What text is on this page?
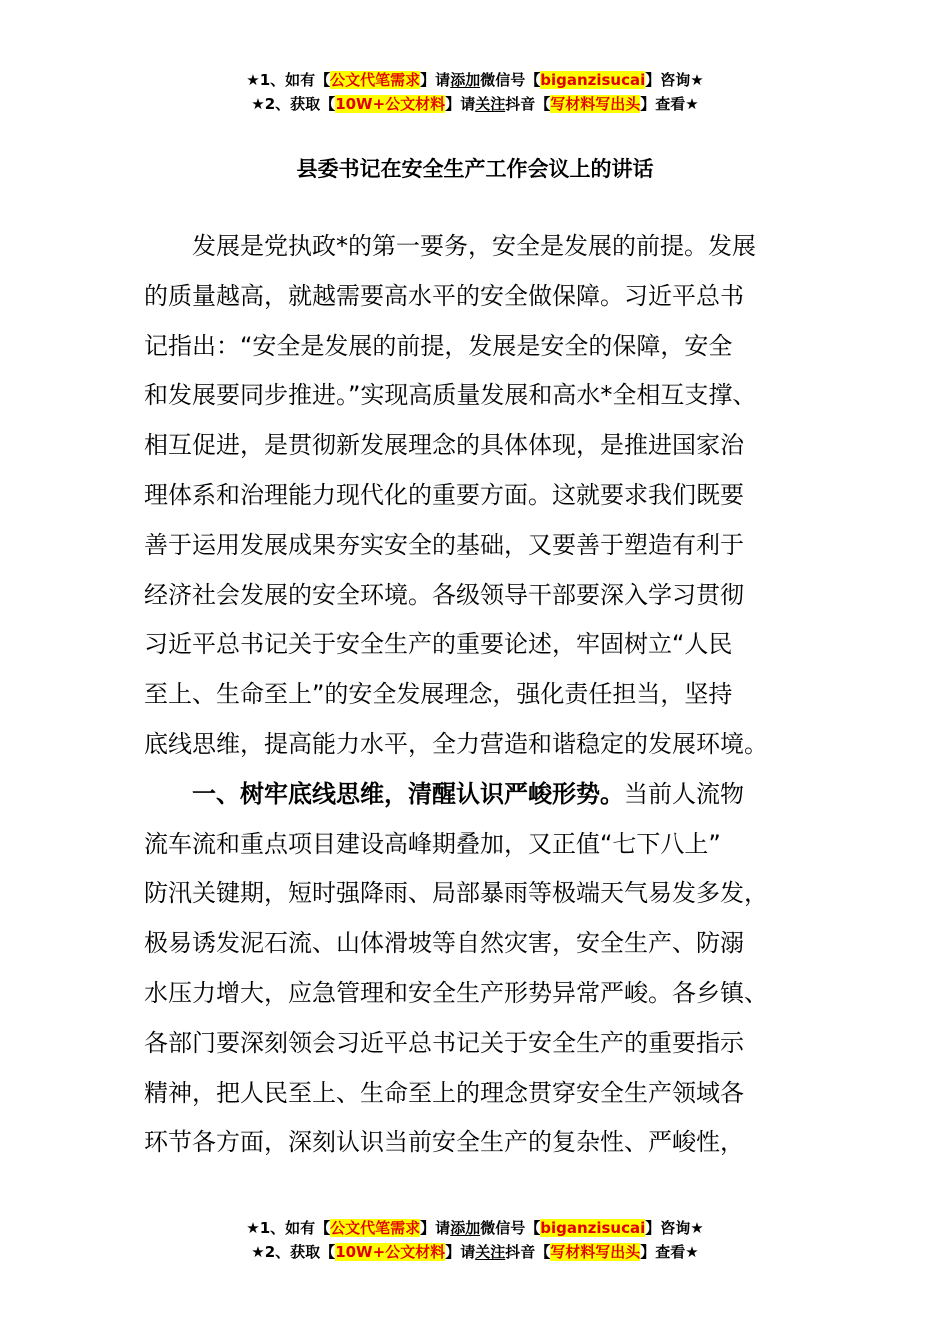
★1、如有【公文代笔需求】请添加微信号【biganzisucai】咨询★
★2、获取【10W+公文材料】请关注抖音【写材料写出头】查看★
县委书记在安全生产工作会议上的讲话
发展是党执政*的第一要务，安全是发展的前提。发展
的质量越高，就越需要高水平的安全做保障。习近平总书
记指出：“安全是发展的前提，发展是安全的保障，安全
和发展要同步推进。”实现高质量发展和高水*全相互支撑、
相互促进，是贯彻新发展理念的具体体现，是推进国家治
理体系和治理能力现代化的重要方面。这就要求我们既要
善于运用发展成果夯实安全的基础，又要善于塑造有利于
经济社会发展的安全环境。各级领导干部要深入学习贯彻
习近平总书记关于安全生产的重要论述，牢固树立“人民
至上、生命至上”的安全发展理念，强化责任担当，坚持
底线思维，提高能力水平，全力营造和谐稳定的发展环境。
一、树牢底线思维，清醒认识严峻形势。当前人流物
流车流和重点项目建设高峰期叠加，又正值“七下八上”
防汛关键期，短时强降雨、局部暴雨等极端天气易发多发，
极易诱发泥石流、山体滑坡等自然灾害，安全生产、防溺
水压力增大，应急管理和安全生产形势异常严峻。各乡镇、
各部门要深刻领会习近平总书记关于安全生产的重要指示
精神，把人民至上、生命至上的理念贯穿安全生产领域各
环节各方面，深刻认识当前安全生产的复杂性、严峻性，
★1、如有【公文代笔需求】请添加微信号【biganzisucai】咨询★
★2、获取【10W+公文材料】请关注抖音【写材料写出头】查看★
